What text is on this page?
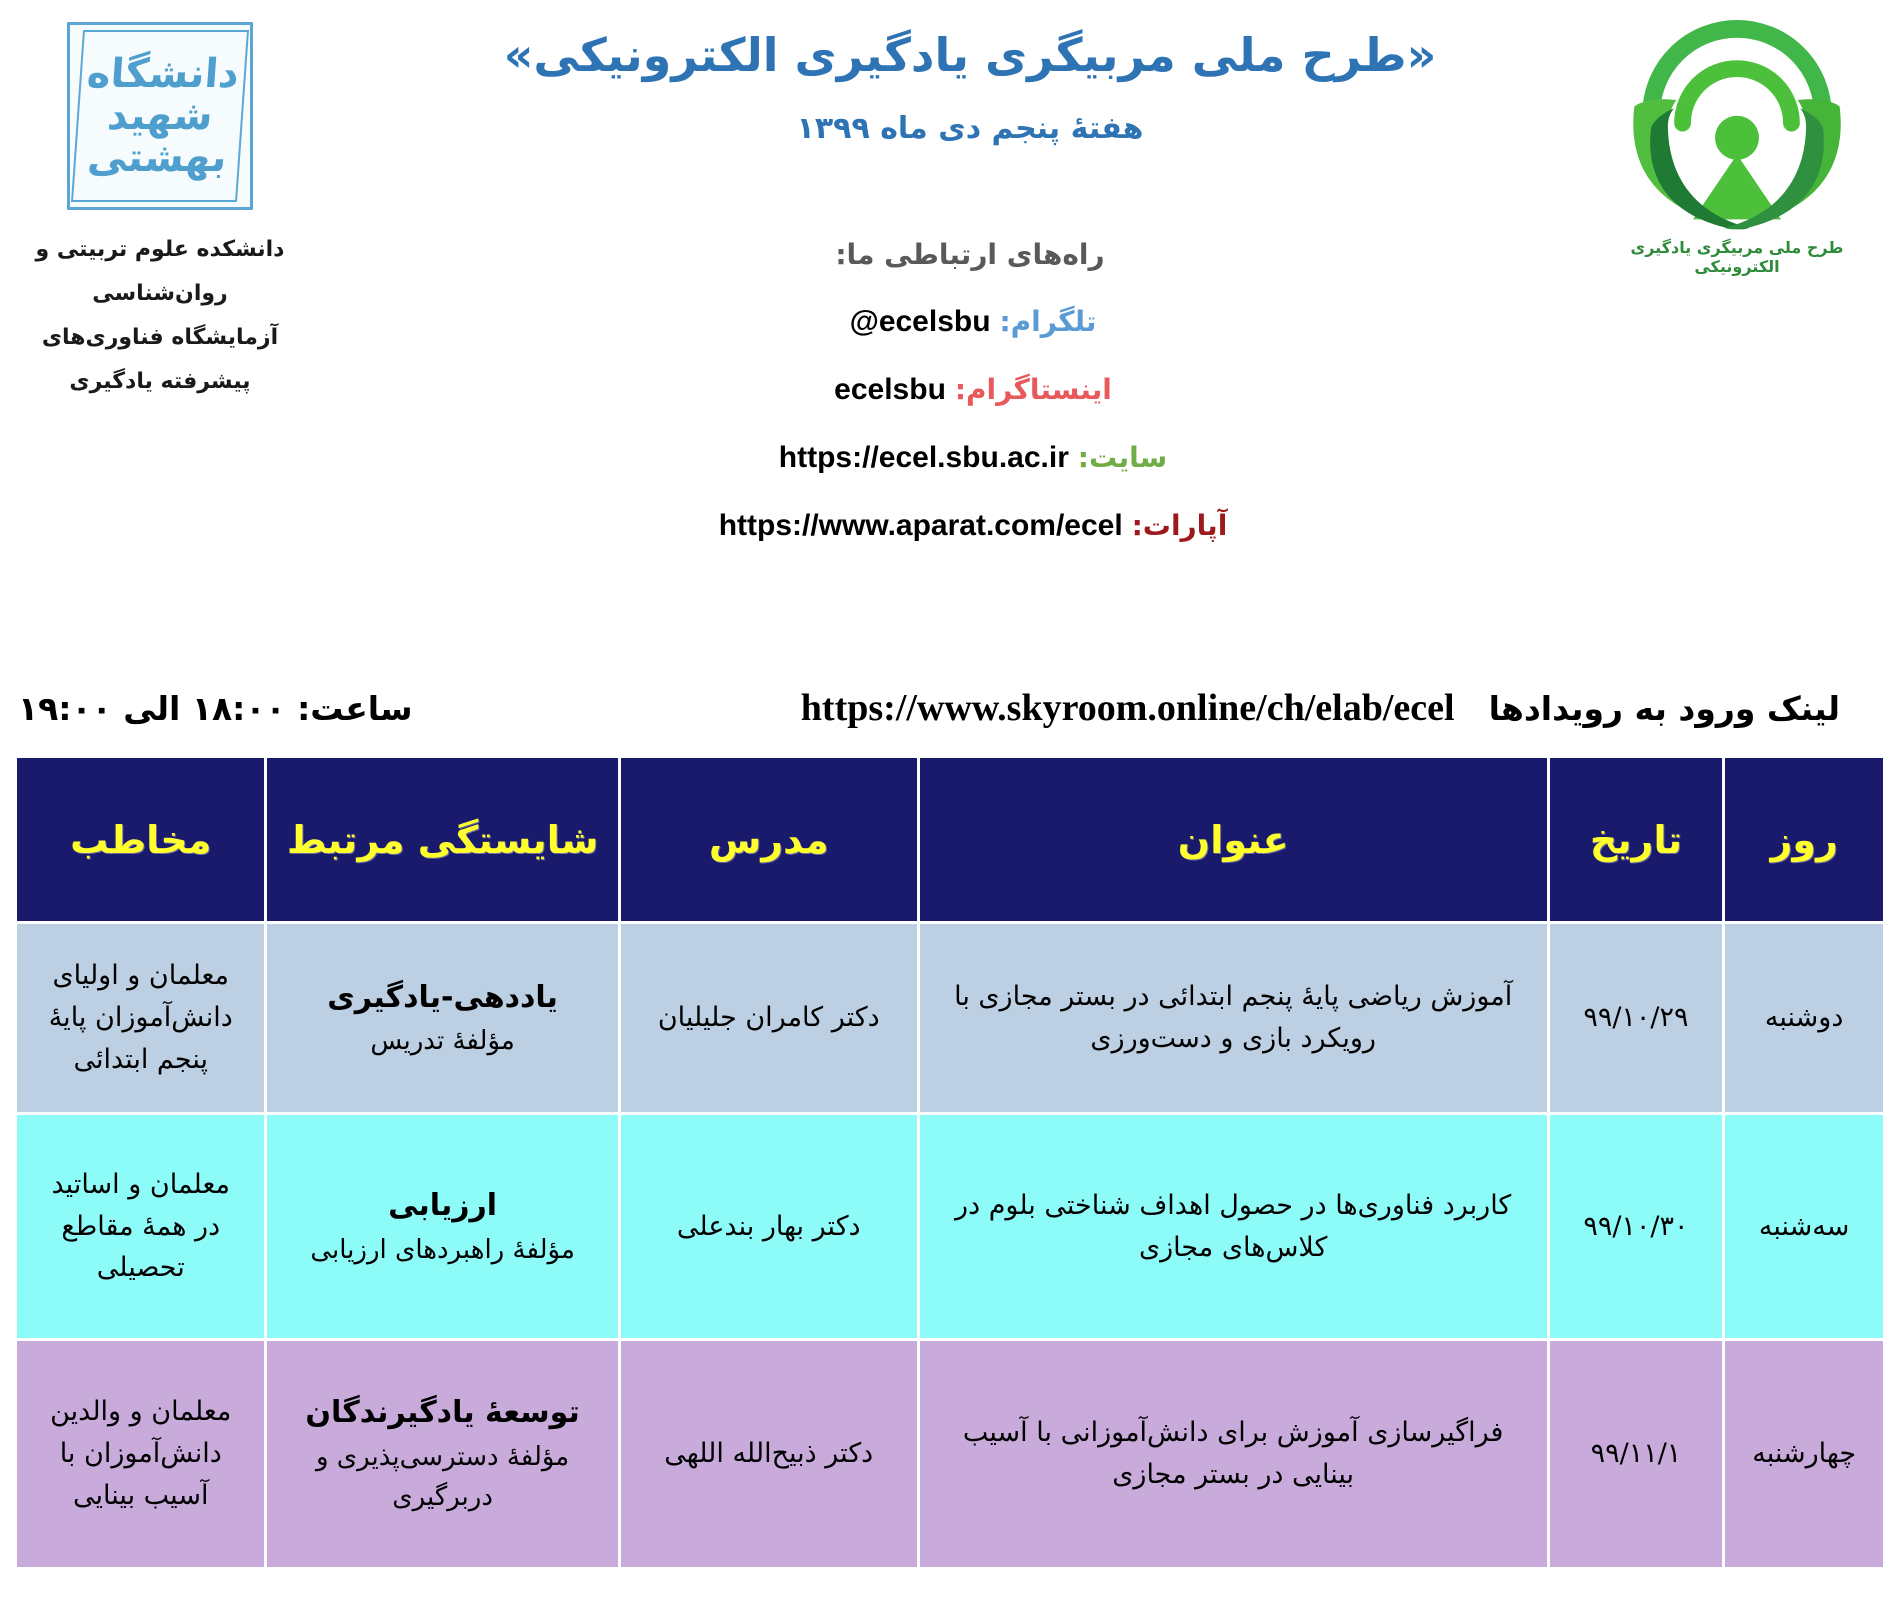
دانشگاه
شهید
بهشتی
دانشکده علوم تربیتی و روان‌شناسی
آزمایشگاه فناوری‌های پیشرفته یادگیری
طرح ملی مربیگری یادگیری الکترونیکی
«طرح ملی مربیگری یادگیری الکترونیکی»
هفتۀ پنجم دی ماه ۱۳۹۹
راه‌های ارتباطی ما:
تلگرام: @ecelsbu
اینستاگرام: ecelsbu
سایت: https://ecel.sbu.ac.ir
آپارات: https://www.aparat.com/ecel
لینک ورود به رویدادها
https://www.skyroom.online/ch/elab/ecel
ساعت: ۱۸:۰۰ الی ۱۹:۰۰
روز	تاریخ	عنوان	مدرس	شایستگی مرتبط	مخاطب
دوشنبه	۹۹/۱۰/۲۹	آموزش ریاضی پایۀ پنجم ابتدائی در بستر مجازی با رویکرد بازی و دست‌ورزی	دکتر کامران جلیلیان	یاددهی-یادگیری
مؤلفۀ تدریس	معلمان و اولیای دانش‌آموزان پایۀ پنجم ابتدائی
سه‌شنبه	۹۹/۱۰/۳۰	کاربرد فناوری‌ها در حصول اهداف شناختی بلوم در کلاس‌های مجازی	دکتر بهار بندعلی	ارزیابی
مؤلفۀ راهبردهای ارزیابی	معلمان و اساتید در همۀ مقاطع تحصیلی
چهارشنبه	۹۹/۱۱/۱	فراگیرسازی آموزش برای دانش‌آموزانی با آسیب بینایی در بستر مجازی	دکتر ذبیح‌الله اللهی	توسعۀ یادگیرندگان
مؤلفۀ دسترسی‌پذیری و دربرگیری	معلمان و والدین دانش‌آموزان با آسیب بینایی
